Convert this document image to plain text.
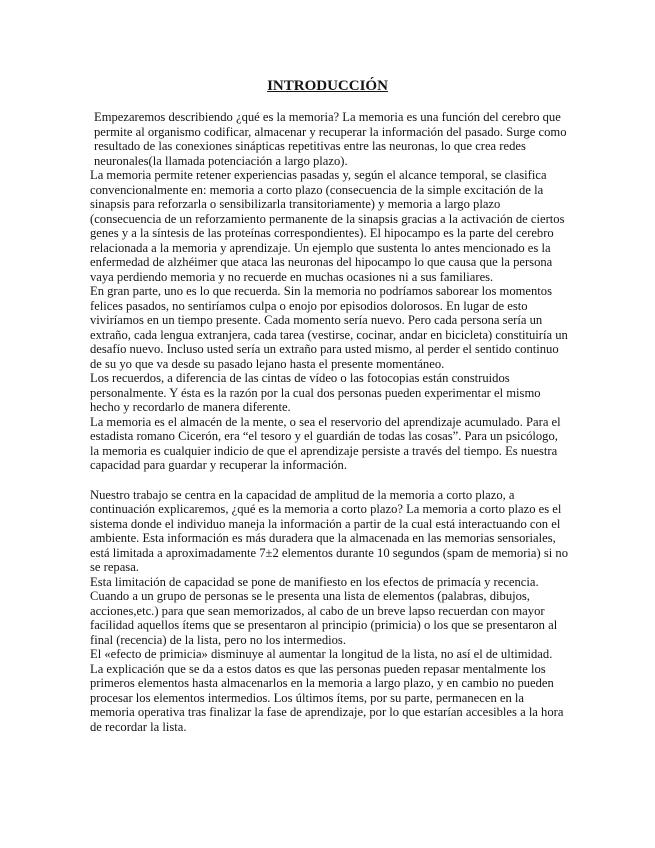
INTRODUCCIÓN

Empezaremos describiendo ¿qué es la memoria? La memoria es una función del cerebro que permite al organismo codificar, almacenar y recuperar la información del pasado. Surge como resultado de las conexiones sinápticas repetitivas entre las neuronas, lo que crea redes neuronales(la llamada potenciación a largo plazo).

La memoria permite retener experiencias pasadas y, según el alcance temporal, se clasifica convencionalmente en: memoria a corto plazo (consecuencia de la simple excitación de la sinapsis para reforzarla o sensibilizarla transitoriamente) y memoria a largo plazo (consecuencia de un reforzamiento permanente de la sinapsis gracias a la activación de ciertos genes y a la síntesis de las proteínas correspondientes). El hipocampo es la parte del cerebro relacionada a la memoria y aprendizaje. Un ejemplo que sustenta lo antes mencionado es la enfermedad de alzhéimer que ataca las neuronas del hipocampo lo que causa que la persona vaya perdiendo memoria y no recuerde en muchas ocasiones ni a sus familiares.

En gran parte, uno es lo que recuerda. Sin la memoria no podríamos saborear los momentos felices pasados, no sentiríamos culpa o enojo por episodios dolorosos. En lugar de esto viviríamos en un tiempo presente. Cada momento sería nuevo. Pero cada persona sería un extraño, cada lengua extranjera, cada tarea (vestirse, cocinar, andar en bicicleta) constituiría un desafío nuevo. Incluso usted sería un extraño para usted mismo, al perder el sentido continuo de su yo que va desde su pasado lejano hasta el presente momentáneo.

Los recuerdos, a diferencia de las cintas de vídeo o las fotocopias están construidos personalmente. Y ésta es la razón por la cual dos personas pueden experimentar el mismo hecho y recordarlo de manera diferente.

La memoria es el almacén de la mente, o sea el reservorio del aprendizaje acumulado. Para el estadista romano Cicerón, era “el tesoro y el guardián de todas las cosas”. Para un psicólogo, la memoria es cualquier indicio de que el aprendizaje persiste a través del tiempo. Es nuestra capacidad para guardar y recuperar la información.

Nuestro trabajo se centra en la capacidad de amplitud de la memoria a corto plazo, a continuación explicaremos, ¿qué es la memoria a corto plazo? La memoria a corto plazo es el sistema donde el individuo maneja la información a partir de la cual está interactuando con el ambiente. Esta información es más duradera que la almacenada en las memorias sensoriales, está limitada a aproximadamente 7±2 elementos durante 10 segundos (spam de memoria) si no se repasa.

Esta limitación de capacidad se pone de manifiesto en los efectos de primacía y recencia. Cuando a un grupo de personas se le presenta una lista de elementos (palabras, dibujos, acciones,etc.) para que sean memorizados, al cabo de un breve lapso recuerdan con mayor facilidad aquellos ítems que se presentaron al principio (primicia) o los que se presentaron al final (recencia) de la lista, pero no los intermedios.

El «efecto de primicia» disminuye al aumentar la longitud de la lista, no así el de ultimidad.

La explicación que se da a estos datos es que las personas pueden repasar mentalmente los primeros elementos hasta almacenarlos en la memoria a largo plazo, y en cambio no pueden procesar los elementos intermedios. Los últimos ítems, por su parte, permanecen en la memoria operativa tras finalizar la fase de aprendizaje, por lo que estarían accesibles a la hora de recordar la lista.
